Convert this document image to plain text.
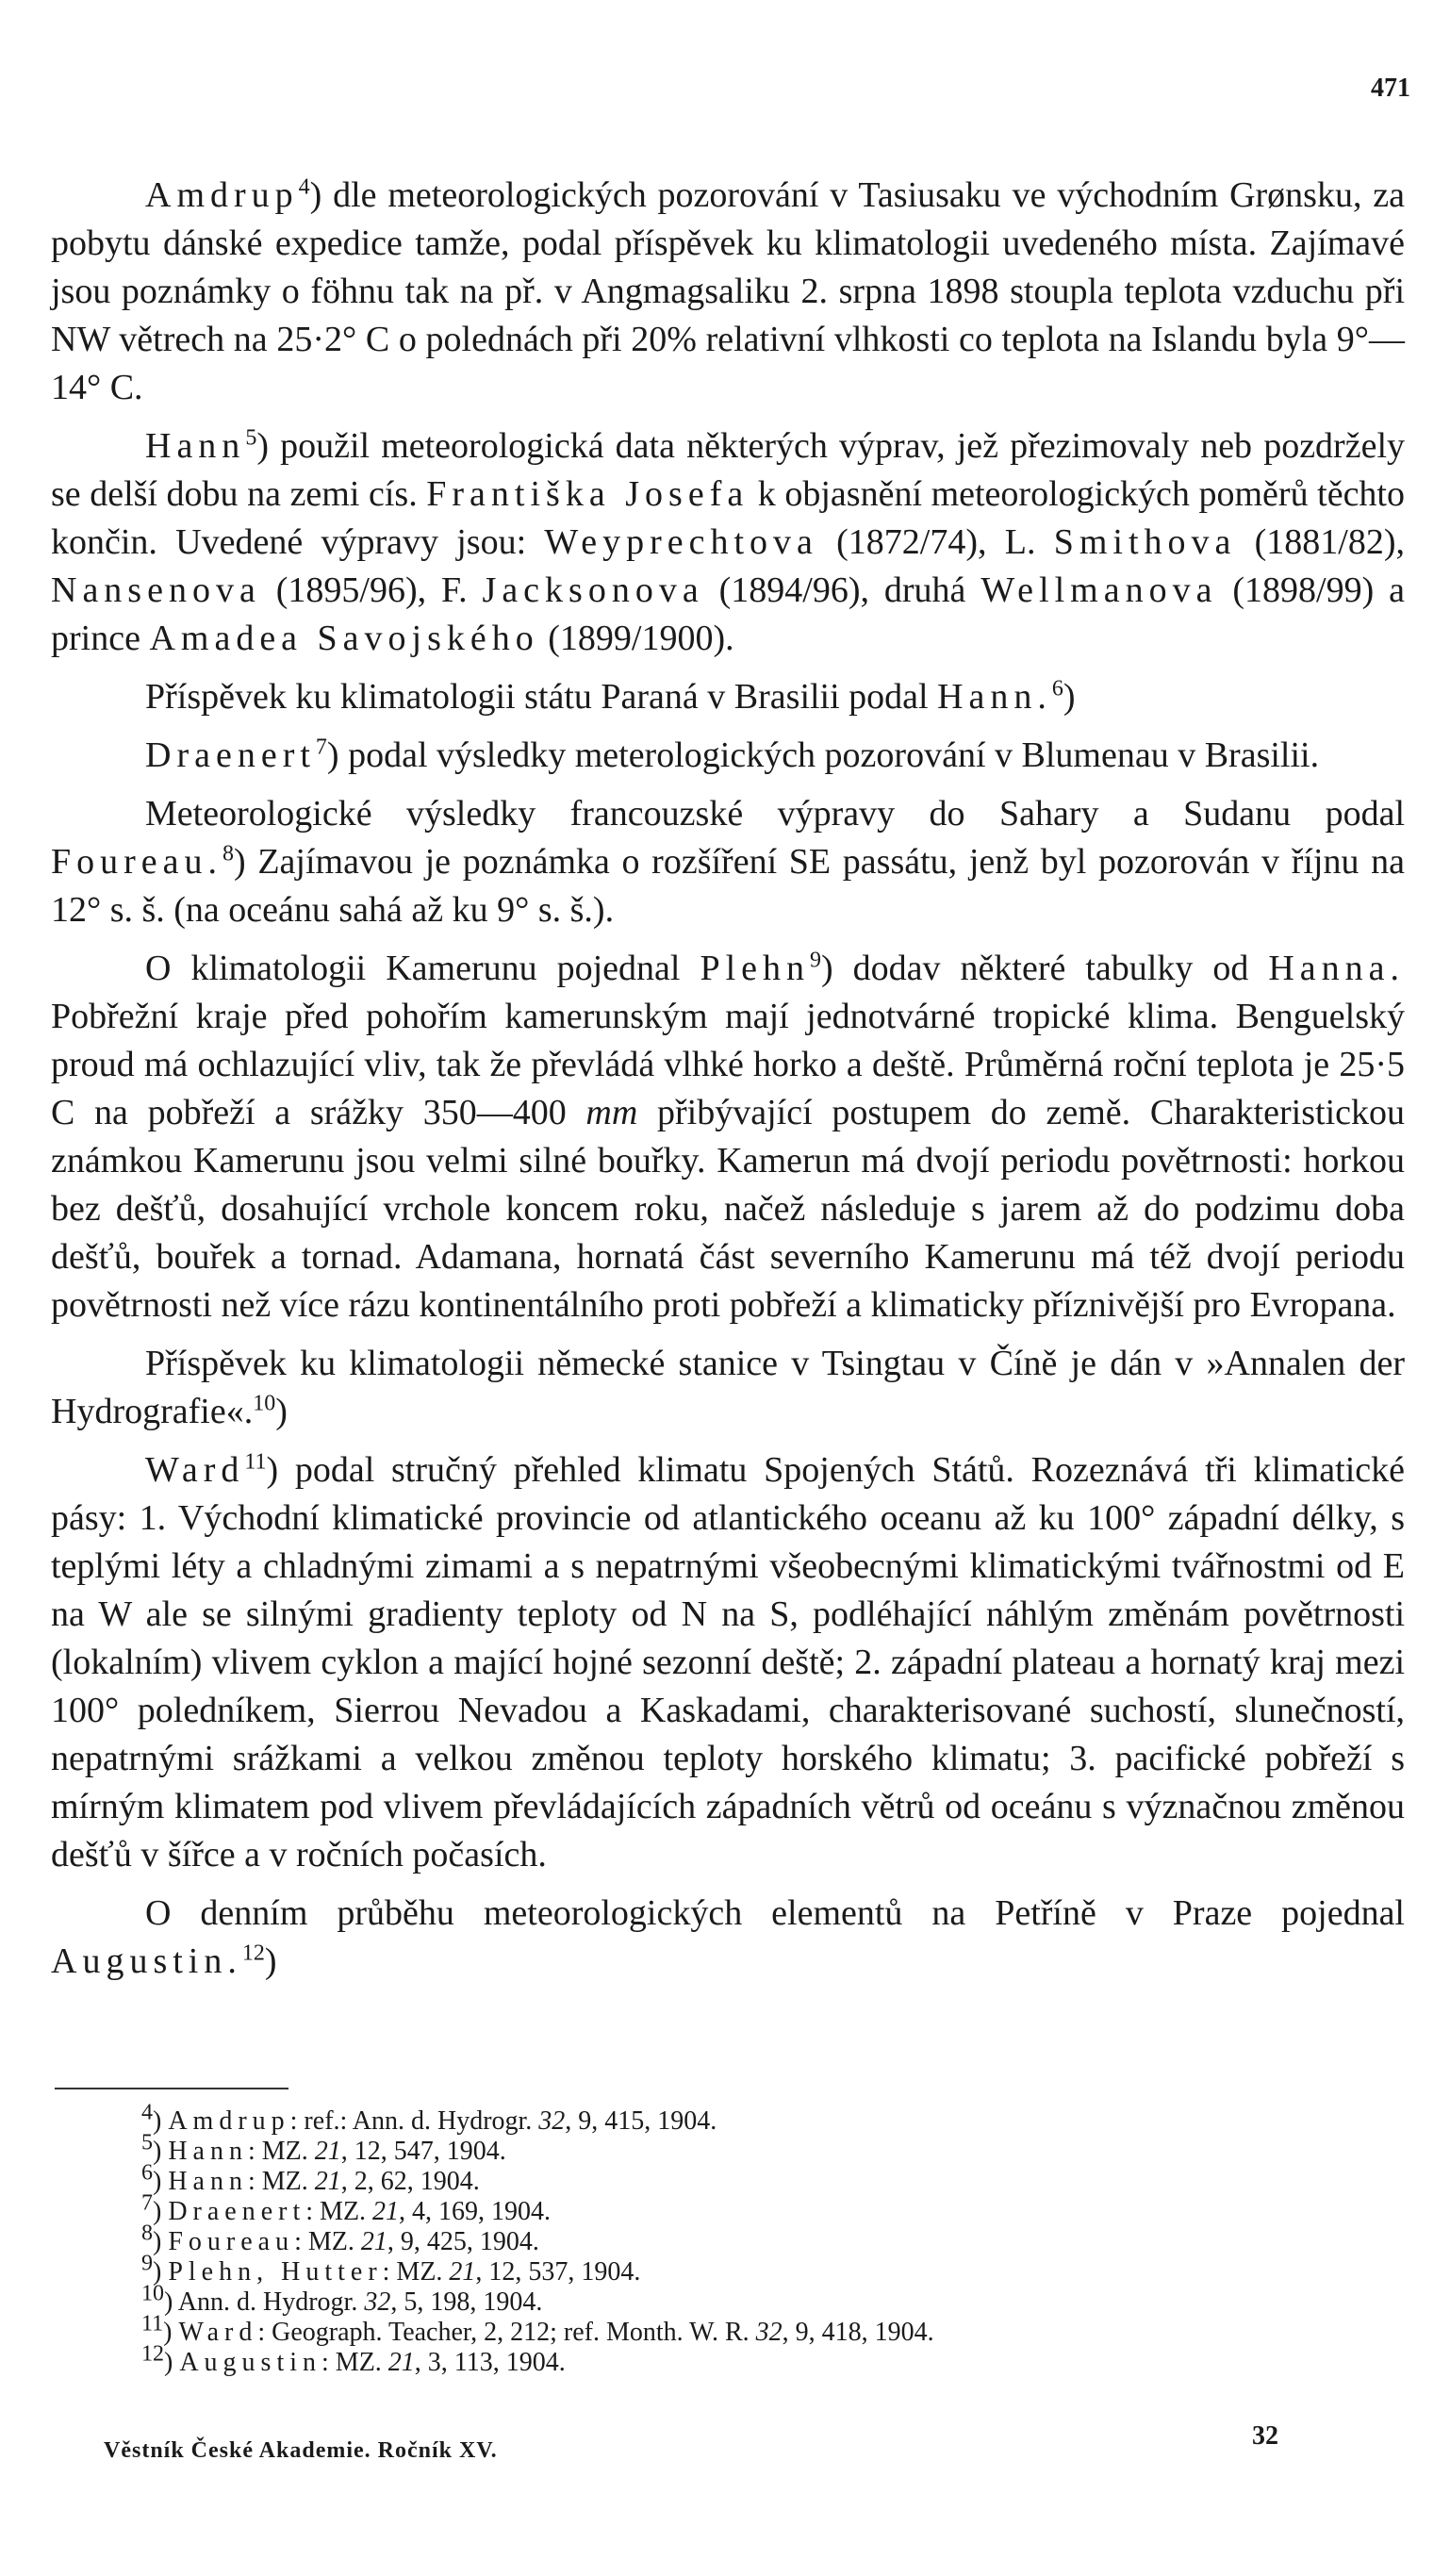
471

Amdrup$^4$) dle meteorologických pozorování v Tasiusaku ve východním Grønsku, za pobytu dánské expedice tamže, podal příspěvek ku klimatologii uvedeného místa. Zajímavé jsou poznámky o föhnu tak na př. v Angmagsaliku 2. srpna 1898 stoupla teplota vzduchu při NW větrech na 25·2° C o polednách při 20% relativní vlhkosti co teplota na Islandu byla 9°—14° C.

Hann$^5$) použil meteorologická data některých výprav, jež přezimovaly neb pozdržely se delší dobu na zemi cís. Františka Josefa k objasnění meteorologických poměrů těchto končin. Uvedené výpravy jsou: Weyprechtova (1872/74), L. Smithova (1881/82), Nansenova (1895/96), F. Jacksonova (1894/96), druhá Wellmanova (1898/99) a prince Amadea Savojského (1899/1900).

Příspěvek ku klimatologii státu Paraná v Brasilii podal Hann.$^6$)

Draenert$^7$) podal výsledky meterologických pozorování v Blumenau v Brasilii.

Meteorologické výsledky francouzské výpravy do Sahary a Sudanu podal Foureau.$^8$) Zajímavou je poznámka o rozšíření SE passátu, jenž byl pozorován v říjnu na 12° s. š. (na oceánu sahá až ku 9° s. š.).

O klimatologii Kamerunu pojednal Plehn$^9$) dodav některé tabulky od Hanna. Pobřežní kraje před pohořím kamerunským mají jednotvárné tropické klima. Benguelský proud má ochlazující vliv, tak že převládá vlhké horko a deště. Průměrná roční teplota je 25·5 C na pobřeží a srážky 350—400 mm přibývající postupem do země. Charakteristickou známkou Kamerunu jsou velmi silné bouřky. Kamerun má dvojí periodu povětrnosti: horkou bez dešťů, dosahující vrchole koncem roku, načež následuje s jarem až do podzimu doba dešťů, bouřek a tornad. Adamana, hornatá část severního Kamerunu má též dvojí periodu povětrnosti než více rázu kontinentálního proti pobřeží a klimaticky příznivější pro Evropana.

Příspěvek ku klimatologii německé stanice v Tsingtau v Číně je dán v »Annalen der Hydrografie«.$^{10}$)

Ward$^{11}$) podal stručný přehled klimatu Spojených Států. Rozeznává tři klimatické pásy: 1. Východní klimatické provincie od atlantického oceanu až ku 100° západní délky, s teplými léty a chladnými zimami a s nepatrnými všeobecnými klimatickými tvářnostmi od E na W ale se silnými gradienty teploty od N na S, podléhající náhlým změnám povětrnosti (lokalním) vlivem cyklon a mající hojné sezonní deště; 2. západní plateau a hornatý kraj mezi 100° poledníkem, Sierrou Nevadou a Kaskadami, charakterisované suchostí, slunečností, nepatrnými srážkami a velkou změnou teploty horského klimatu; 3. pacifické pobřeží s mírným klimatem pod vlivem převládajících západních větrů od oceánu s význačnou změnou dešťů v šířce a v ročních počasích.

O denním průběhu meteorologických elementů na Petříně v Praze pojednal Augustin.$^{12}$)

$^4$) Amdrup: ref.: Ann. d. Hydrogr. 32, 9, 415, 1904.
$^5$) Hann: MZ. 21, 12, 547, 1904.
$^6$) Hann: MZ. 21, 2, 62, 1904.
$^7$) Draenert: MZ. 21, 4, 169, 1904.
$^8$) Foureau: MZ. 21, 9, 425, 1904.
$^9$) Plehn, Hutter: MZ. 21, 12, 537, 1904.
$^{10}$) Ann. d. Hydrogr. 32, 5, 198, 1904.
$^{11}$) Ward: Geograph. Teacher, 2, 212; ref. Month. W. R. 32, 9, 418, 1904.
$^{12}$) Augustin: MZ. 21, 3, 113, 1904.
Věstník České Akademie. Ročník XV.	32
